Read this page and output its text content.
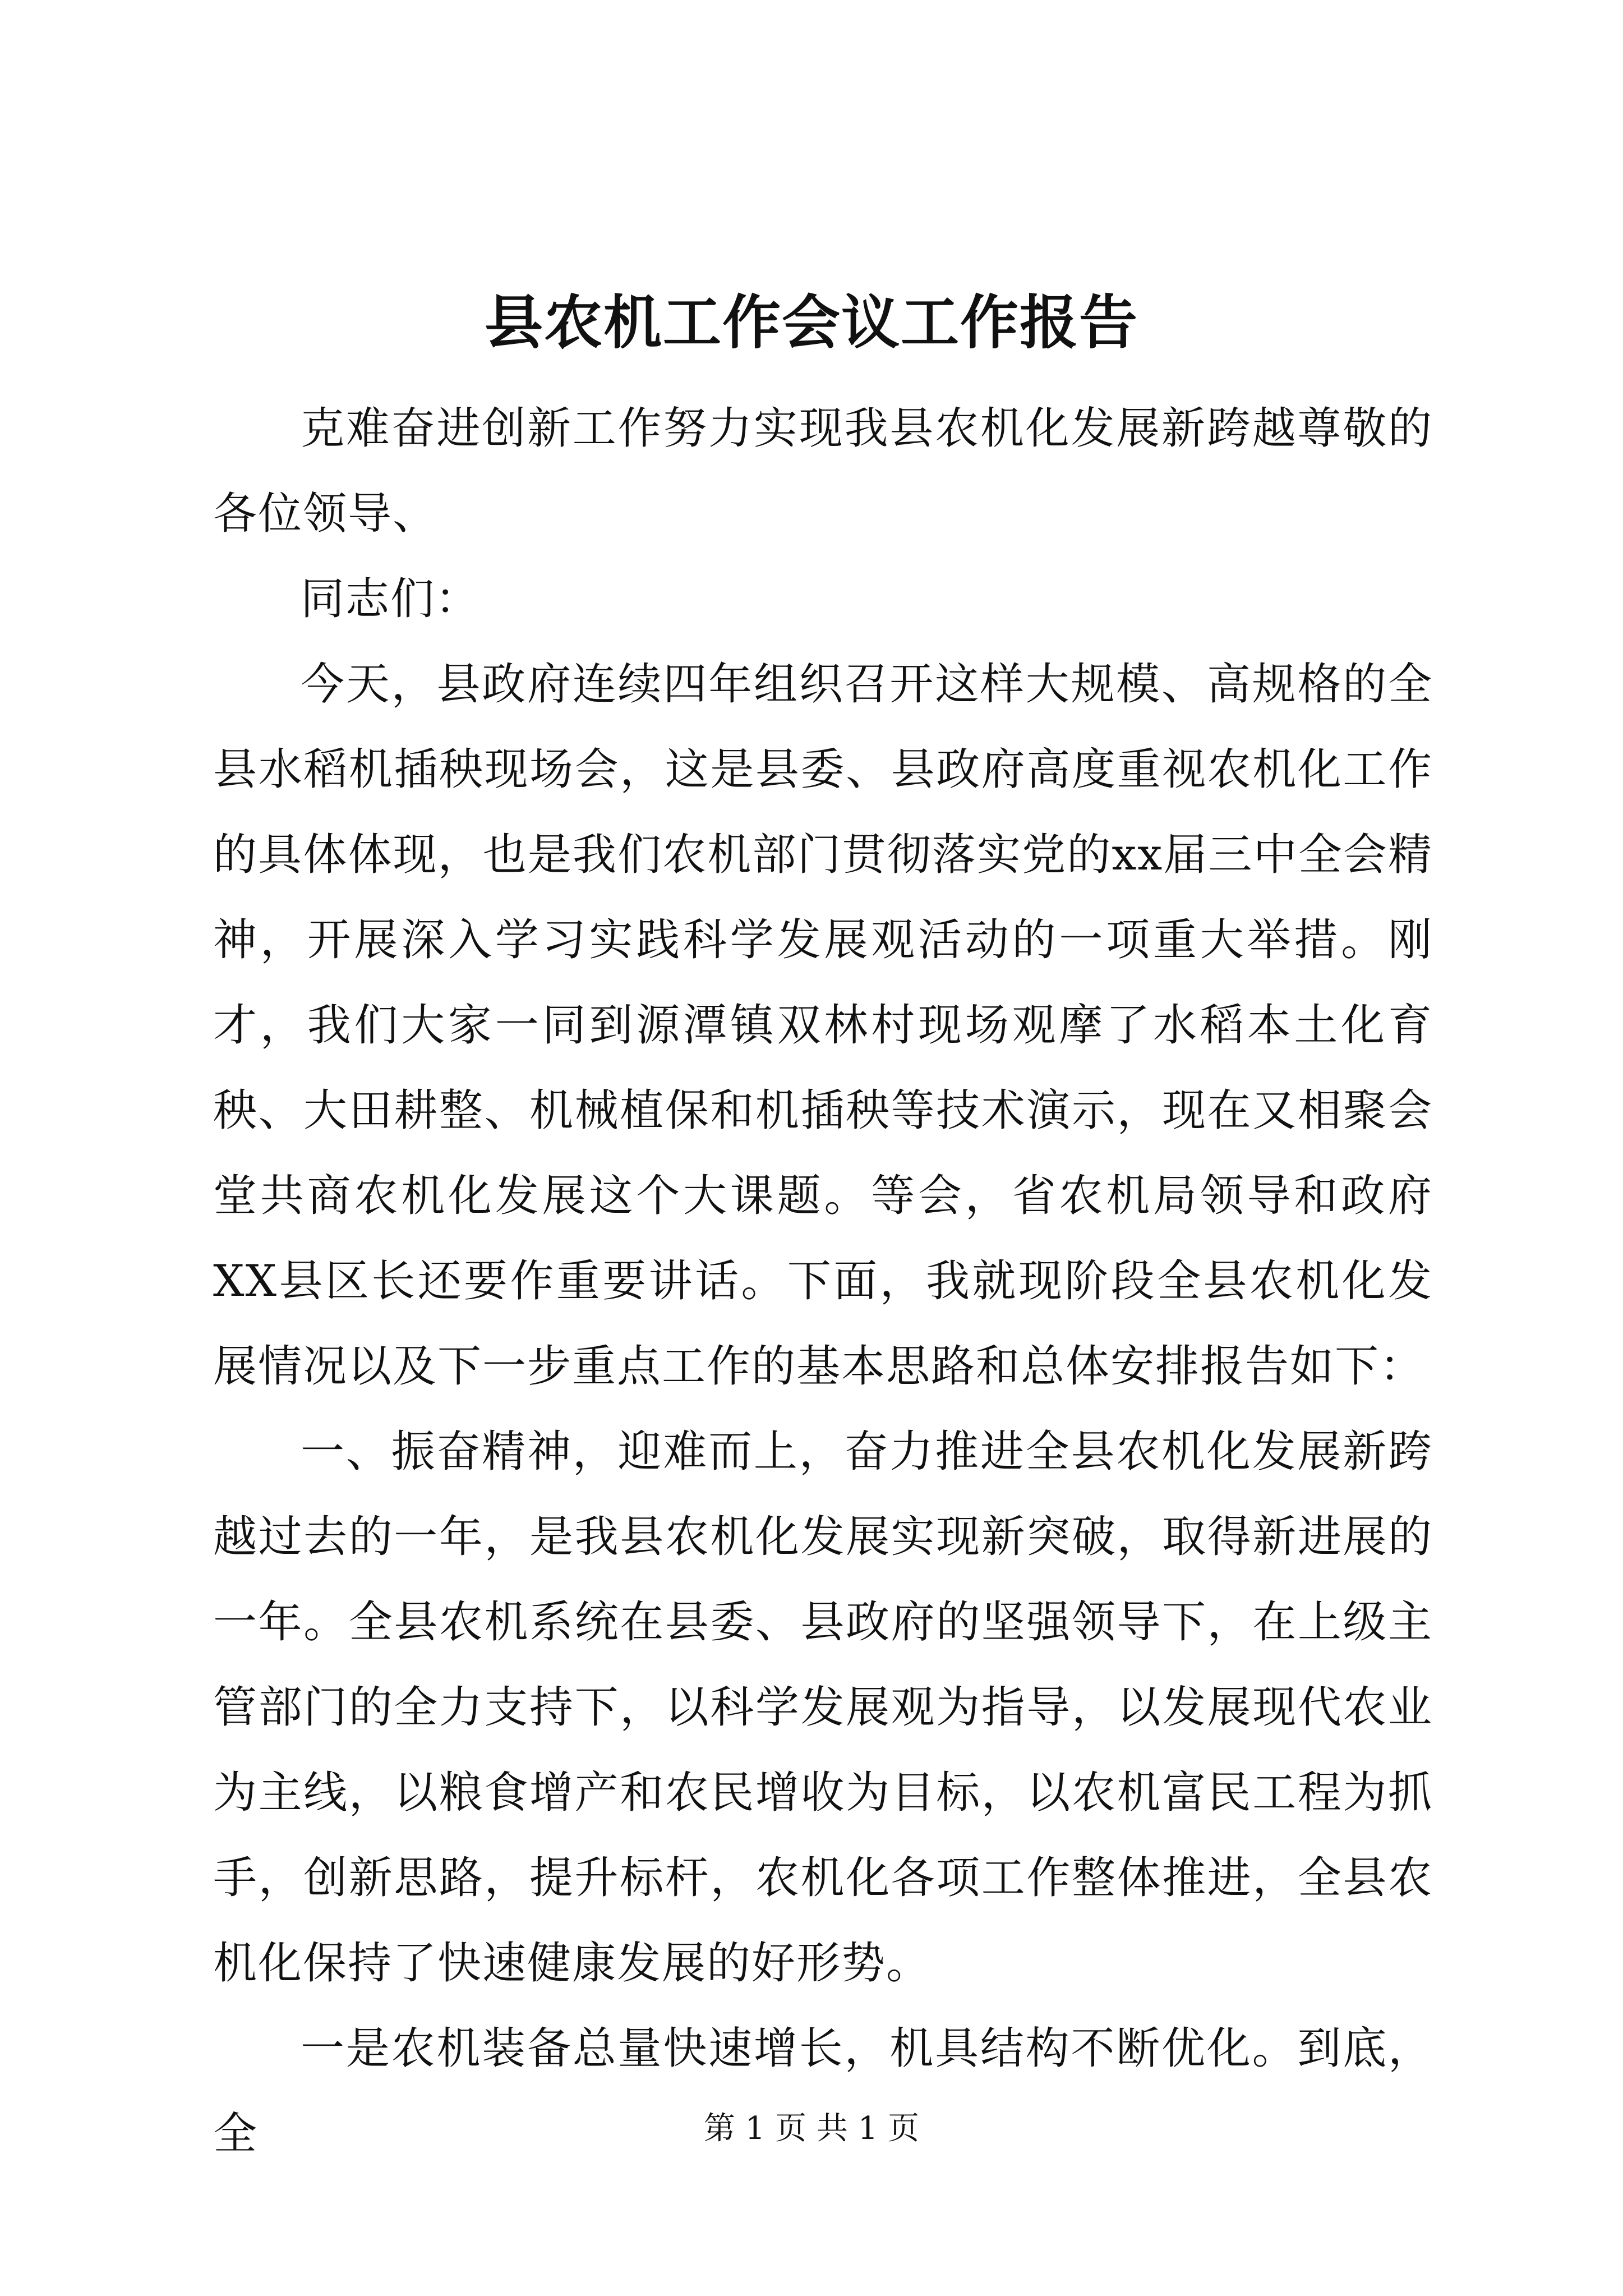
县农机工作会议工作报告

克难奋进创新工作努力实现我县农机化发展新跨越尊敬的各位领导、

同志们：

今天，县政府连续四年组织召开这样大规模、高规格的全县水稻机插秧现场会，这是县委、县政府高度重视农机化工作的具体体现，也是我们农机部门贯彻落实党的xx届三中全会精神，开展深入学习实践科学发展观活动的一项重大举措。刚才，我们大家一同到源潭镇双林村现场观摩了水稻本土化育秧、大田耕整、机械植保和机插秧等技术演示，现在又相聚会堂共商农机化发展这个大课题。等会，省农机局领导和政府XX县区长还要作重要讲话。下面，我就现阶段全县农机化发展情况以及下一步重点工作的基本思路和总体安排报告如下：

一、振奋精神，迎难而上，奋力推进全县农机化发展新跨越过去的一年，是我县农机化发展实现新突破，取得新进展的一年。全县农机系统在县委、县政府的坚强领导下，在上级主管部门的全力支持下，以科学发展观为指导，以发展现代农业为主线，以粮食增产和农民增收为目标，以农机富民工程为抓手，创新思路，提升标杆，农机化各项工作整体推进，全县农机化保持了快速健康发展的好形势。

一是农机装备总量快速增长，机具结构不断优化。到底，全	第 1 页 共 1 页
